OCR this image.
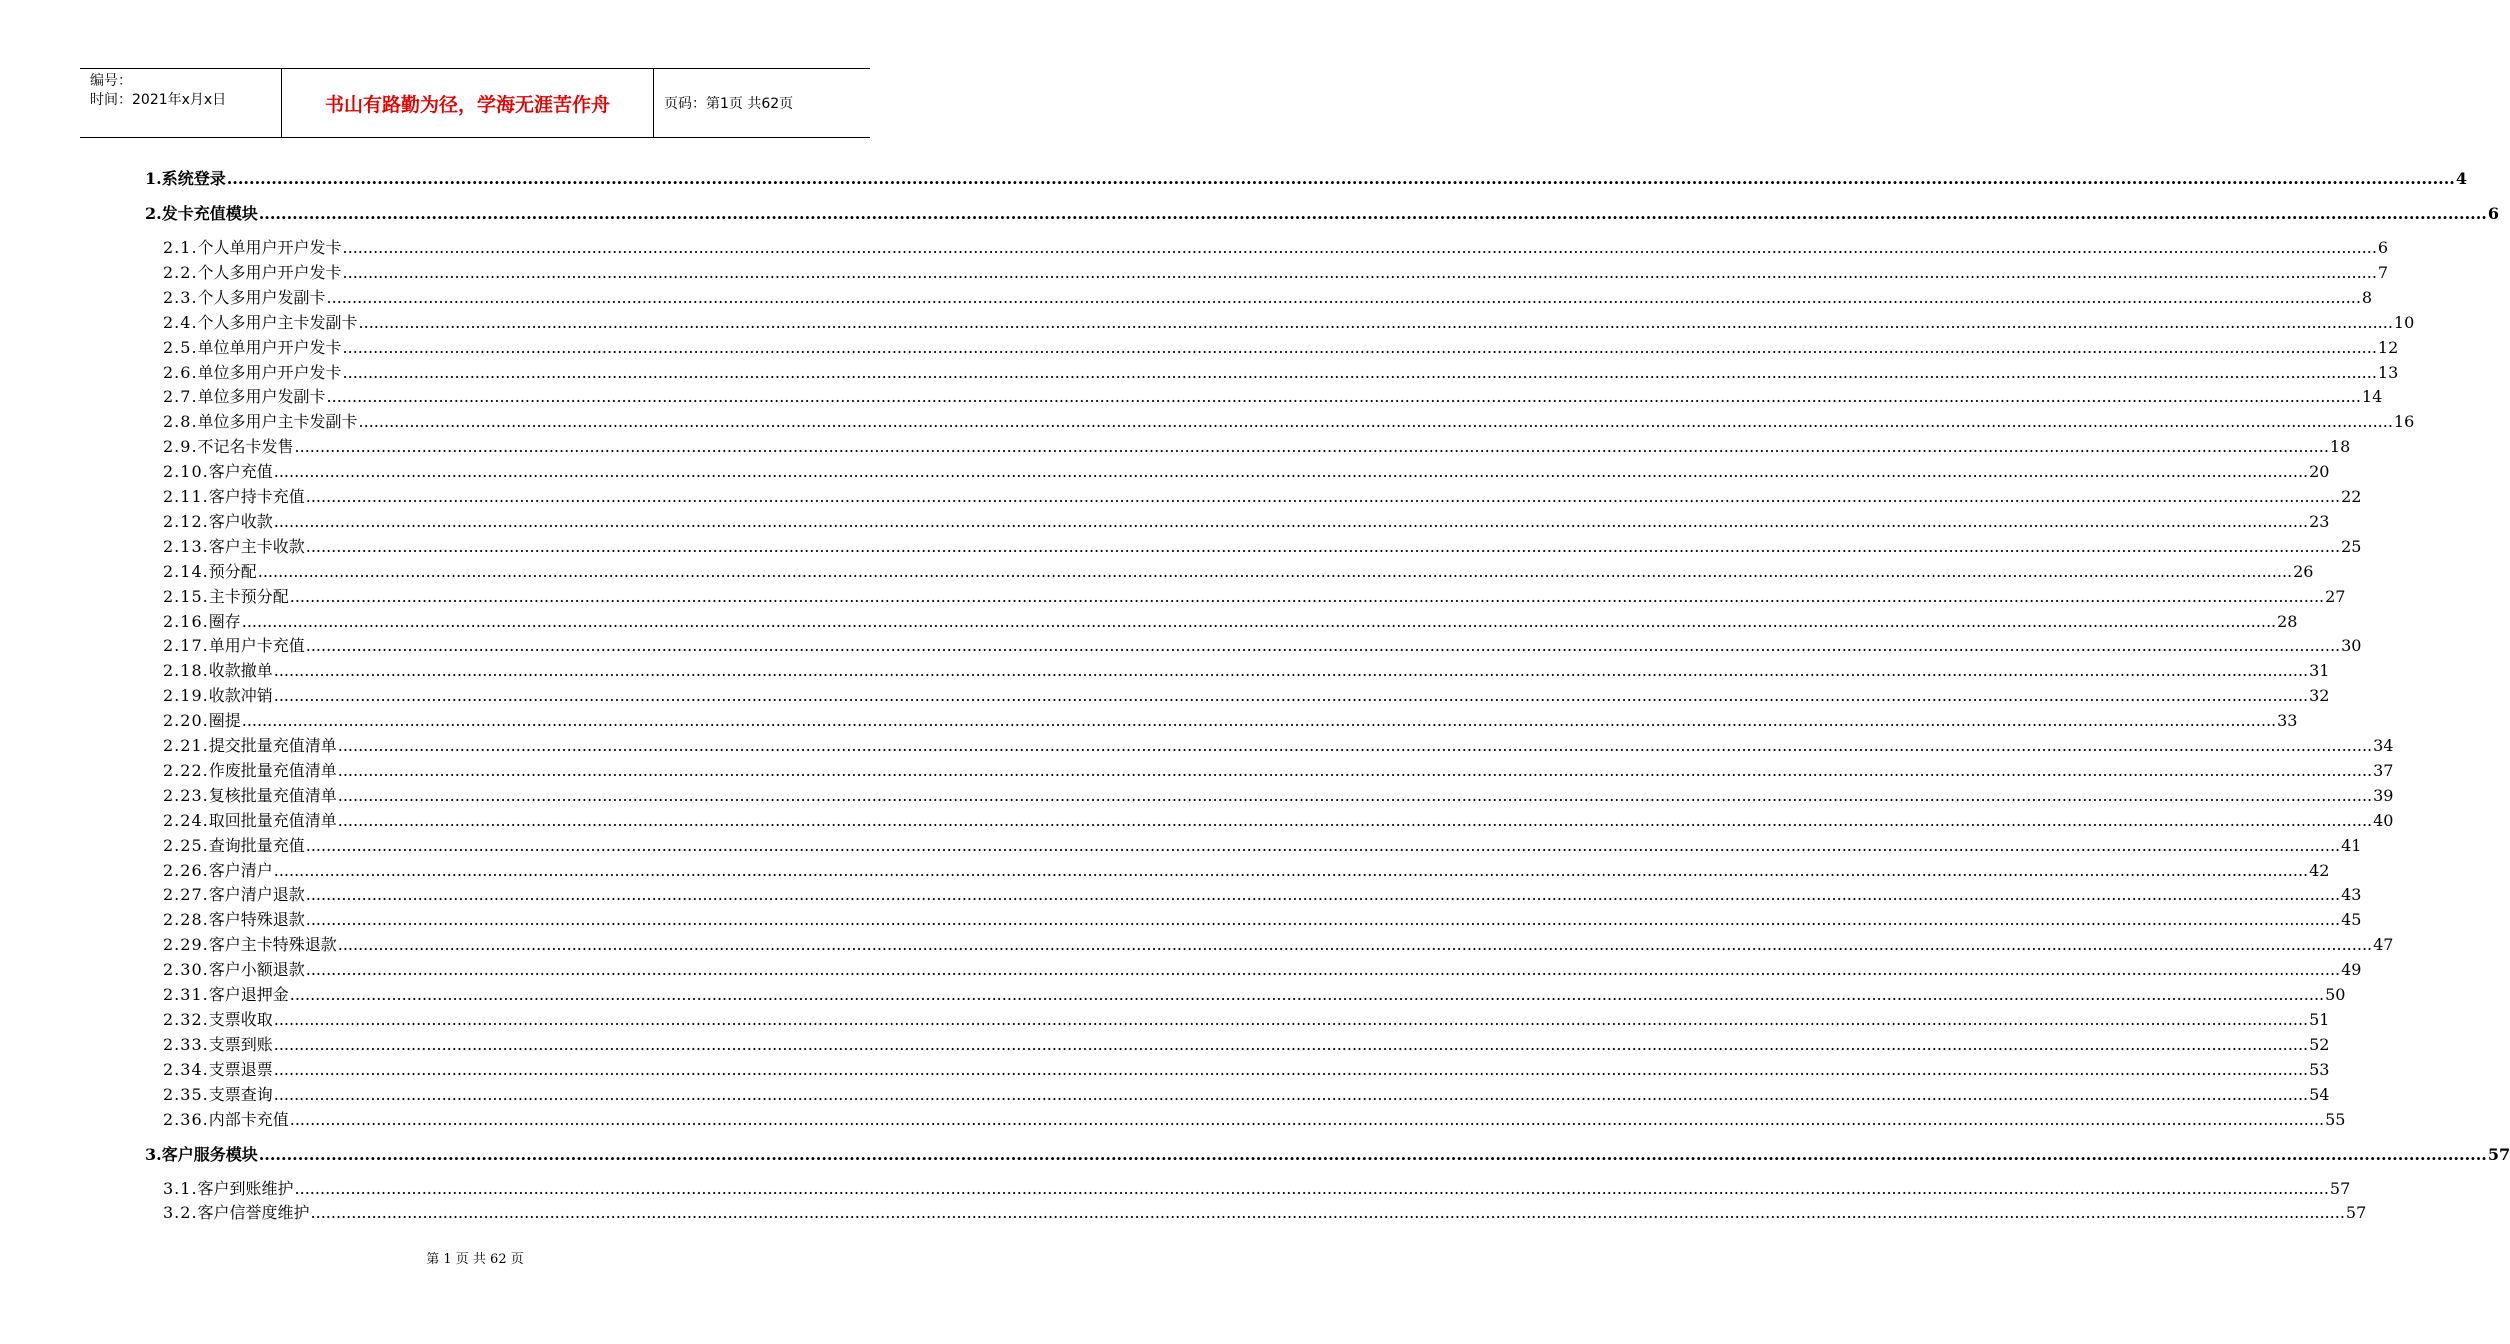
编号：
时间：2021年x月x日	书山有路勤为径，学海无涯苦作舟	页码：第1页 共62页
1. 系统登录 ................................................................................................................................................................................................................................................................................................................................................................................................................ 4
2. 发卡充值模块 ................................................................................................................................................................................................................................................................................................................................................................................................................ 6
2.1. 个人单用户开户发卡 ................................................................................................................................................................................................................................................................................................................................................................................................................ 6
2.2. 个人多用户开户发卡 ................................................................................................................................................................................................................................................................................................................................................................................................................ 7
2.3. 个人多用户发副卡 ................................................................................................................................................................................................................................................................................................................................................................................................................ 8
2.4. 个人多用户主卡发副卡 ................................................................................................................................................................................................................................................................................................................................................................................................................ 10
2.5. 单位单用户开户发卡 ................................................................................................................................................................................................................................................................................................................................................................................................................ 12
2.6. 单位多用户开户发卡 ................................................................................................................................................................................................................................................................................................................................................................................................................ 13
2.7. 单位多用户发副卡 ................................................................................................................................................................................................................................................................................................................................................................................................................ 14
2.8. 单位多用户主卡发副卡 ................................................................................................................................................................................................................................................................................................................................................................................................................ 16
2.9. 不记名卡发售 ................................................................................................................................................................................................................................................................................................................................................................................................................ 18
2.10. 客户充值 ................................................................................................................................................................................................................................................................................................................................................................................................................ 20
2.11. 客户持卡充值 ................................................................................................................................................................................................................................................................................................................................................................................................................ 22
2.12. 客户收款 ................................................................................................................................................................................................................................................................................................................................................................................................................ 23
2.13. 客户主卡收款 ................................................................................................................................................................................................................................................................................................................................................................................................................ 25
2.14. 预分配 ................................................................................................................................................................................................................................................................................................................................................................................................................ 26
2.15. 主卡预分配 ................................................................................................................................................................................................................................................................................................................................................................................................................ 27
2.16. 圈存 ................................................................................................................................................................................................................................................................................................................................................................................................................ 28
2.17. 单用户卡充值 ................................................................................................................................................................................................................................................................................................................................................................................................................ 30
2.18. 收款撤单 ................................................................................................................................................................................................................................................................................................................................................................................................................ 31
2.19. 收款冲销 ................................................................................................................................................................................................................................................................................................................................................................................................................ 32
2.20. 圈提 ................................................................................................................................................................................................................................................................................................................................................................................................................ 33
2.21. 提交批量充值清单 ................................................................................................................................................................................................................................................................................................................................................................................................................ 34
2.22. 作废批量充值清单 ................................................................................................................................................................................................................................................................................................................................................................................................................ 37
2.23. 复核批量充值清单 ................................................................................................................................................................................................................................................................................................................................................................................................................ 39
2.24. 取回批量充值清单 ................................................................................................................................................................................................................................................................................................................................................................................................................ 40
2.25. 查询批量充值 ................................................................................................................................................................................................................................................................................................................................................................................................................ 41
2.26. 客户清户 ................................................................................................................................................................................................................................................................................................................................................................................................................ 42
2.27. 客户清户退款 ................................................................................................................................................................................................................................................................................................................................................................................................................ 43
2.28. 客户特殊退款 ................................................................................................................................................................................................................................................................................................................................................................................................................ 45
2.29. 客户主卡特殊退款 ................................................................................................................................................................................................................................................................................................................................................................................................................ 47
2.30. 客户小额退款 ................................................................................................................................................................................................................................................................................................................................................................................................................ 49
2.31. 客户退押金 ................................................................................................................................................................................................................................................................................................................................................................................................................ 50
2.32. 支票收取 ................................................................................................................................................................................................................................................................................................................................................................................................................ 51
2.33. 支票到账 ................................................................................................................................................................................................................................................................................................................................................................................................................ 52
2.34. 支票退票 ................................................................................................................................................................................................................................................................................................................................................................................................................ 53
2.35. 支票查询 ................................................................................................................................................................................................................................................................................................................................................................................................................ 54
2.36. 内部卡充值 ................................................................................................................................................................................................................................................................................................................................................................................................................ 55
3. 客户服务模块 ................................................................................................................................................................................................................................................................................................................................................................................................................ 57
3.1. 客户到账维护 ................................................................................................................................................................................................................................................................................................................................................................................................................ 57
3.2. 客户信誉度维护 ................................................................................................................................................................................................................................................................................................................................................................................................................ 57
第 1 页 共 62 页
